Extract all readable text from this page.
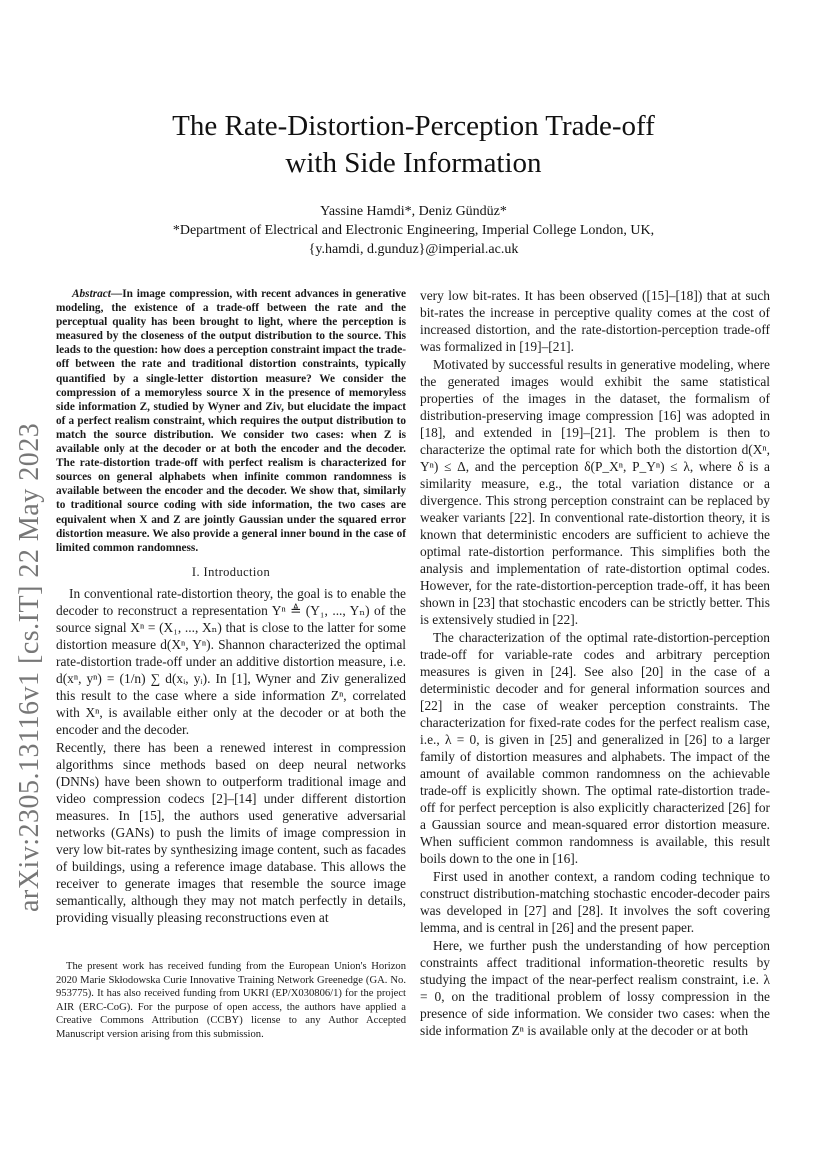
arXiv:2305.13116v1 [cs.IT] 22 May 2023
The Rate-Distortion-Perception Trade-off
with Side Information
Yassine Hamdi*, Deniz Gündüz*
*Department of Electrical and Electronic Engineering, Imperial College London, UK,
{y.hamdi, d.gunduz}@imperial.ac.uk

Abstract—In image compression, with recent advances in generative modeling, the existence of a trade-off between the rate and the perceptual quality has been brought to light, where the perception is measured by the closeness of the output distribution to the source. This leads to the question: how does a perception constraint impact the trade-off between the rate and traditional distortion constraints, typically quantified by a single-letter distortion measure? We consider the compression of a memoryless source X in the presence of memoryless side information Z, studied by Wyner and Ziv, but elucidate the impact of a perfect realism constraint, which requires the output distribution to match the source distribution. We consider two cases: when Z is available only at the decoder or at both the encoder and the decoder. The rate-distortion trade-off with perfect realism is characterized for sources on general alphabets when infinite common randomness is available between the encoder and the decoder. We show that, similarly to traditional source coding with side information, the two cases are equivalent when X and Z are jointly Gaussian under the squared error distortion measure. We also provide a general inner bound in the case of limited common randomness.

I. Introduction

In conventional rate-distortion theory, the goal is to enable the decoder to reconstruct a representation Yⁿ ≜ (Y₁, ..., Yₙ) of the source signal Xⁿ = (X₁, ..., Xₙ) that is close to the latter for some distortion measure d(Xⁿ, Yⁿ). Shannon characterized the optimal rate-distortion trade-off under an additive distortion measure, i.e. d(xⁿ, yⁿ) = (1/n) ∑ d(xᵢ, yᵢ). In [1], Wyner and Ziv generalized this result to the case where a side information Zⁿ, correlated with Xⁿ, is available either only at the decoder or at both the encoder and the decoder.

Recently, there has been a renewed interest in compression algorithms since methods based on deep neural networks (DNNs) have been shown to outperform traditional image and video compression codecs [2]–[14] under different distortion measures. In [15], the authors used generative adversarial networks (GANs) to push the limits of image compression in very low bit-rates by synthesizing image content, such as facades of buildings, using a reference image database. This allows the receiver to generate images that resemble the source image semantically, although they may not match perfectly in details, providing visually pleasing reconstructions even at

very low bit-rates. It has been observed ([15]–[18]) that at such bit-rates the increase in perceptive quality comes at the cost of increased distortion, and the rate-distortion-perception trade-off was formalized in [19]–[21].

Motivated by successful results in generative modeling, where the generated images would exhibit the same statistical properties of the images in the dataset, the formalism of distribution-preserving image compression [16] was adopted in [18], and extended in [19]–[21]. The problem is then to characterize the optimal rate for which both the distortion d(Xⁿ, Yⁿ) ≤ Δ, and the perception δ(P_Xⁿ, P_Yⁿ) ≤ λ, where δ is a similarity measure, e.g., the total variation distance or a divergence. This strong perception constraint can be replaced by weaker variants [22]. In conventional rate-distortion theory, it is known that deterministic encoders are sufficient to achieve the optimal rate-distortion performance. This simplifies both the analysis and implementation of rate-distortion optimal codes. However, for the rate-distortion-perception trade-off, it has been shown in [23] that stochastic encoders can be strictly better. This is extensively studied in [22].

The characterization of the optimal rate-distortion-perception trade-off for variable-rate codes and arbitrary perception measures is given in [24]. See also [20] in the case of a deterministic decoder and for general information sources and [22] in the case of weaker perception constraints. The characterization for fixed-rate codes for the perfect realism case, i.e., λ = 0, is given in [25] and generalized in [26] to a larger family of distortion measures and alphabets. The impact of the amount of available common randomness on the achievable trade-off is explicitly shown. The optimal rate-distortion trade-off for perfect perception is also explicitly characterized [26] for a Gaussian source and mean-squared error distortion measure. When sufficient common randomness is available, this result boils down to the one in [16].

First used in another context, a random coding technique to construct distribution-matching stochastic encoder-decoder pairs was developed in [27] and [28]. It involves the soft covering lemma, and is central in [26] and the present paper.

Here, we further push the understanding of how perception constraints affect traditional information-theoretic results by studying the impact of the near-perfect realism constraint, i.e. λ = 0, on the traditional problem of lossy compression in the presence of side information. We consider two cases: when the side information Zⁿ is available only at the decoder or at both

The present work has received funding from the European Union's Horizon 2020 Marie Skłodowska Curie Innovative Training Network Greenedge (GA. No. 953775). It has also received funding from UKRI (EP/X030806/1) for the project AIR (ERC-CoG). For the purpose of open access, the authors have applied a Creative Commons Attribution (CCBY) license to any Author Accepted Manuscript version arising from this submission.
